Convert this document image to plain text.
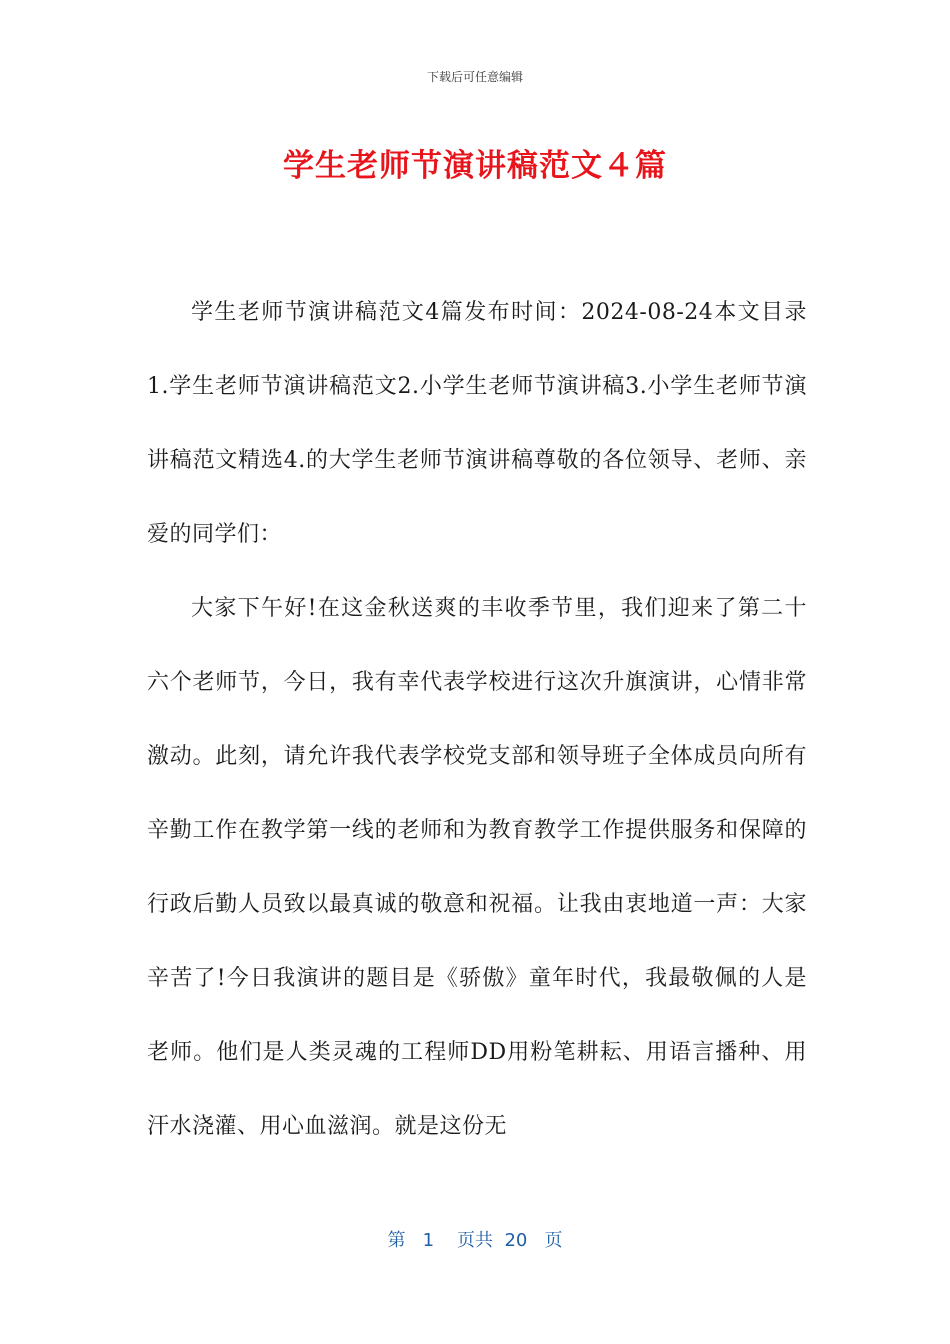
下载后可任意编辑
学生老师节演讲稿范文４篇

学生老师节演讲稿范文4篇发布时间：2024-08-24本文目录1.学生老师节演讲稿范文2.小学生老师节演讲稿3.小学生老师节演讲稿范文精选4.的大学生老师节演讲稿尊敬的各位领导、老师、亲爱的同学们：

大家下午好!在这金秋送爽的丰收季节里，我们迎来了第二十六个老师节，今日，我有幸代表学校进行这次升旗演讲，心情非常激动。此刻，请允许我代表学校党支部和领导班子全体成员向所有辛勤工作在教学第一线的老师和为教育教学工作提供服务和保障的行政后勤人员致以最真诚的敬意和祝福。让我由衷地道一声：大家辛苦了!今日我演讲的题目是《骄傲》童年时代，我最敬佩的人是老师。他们是人类灵魂的工程师DD用粉笔耕耘、用语言播种、用汗水浇灌、用心血滋润。就是这份无

第 1 页共 20 页
